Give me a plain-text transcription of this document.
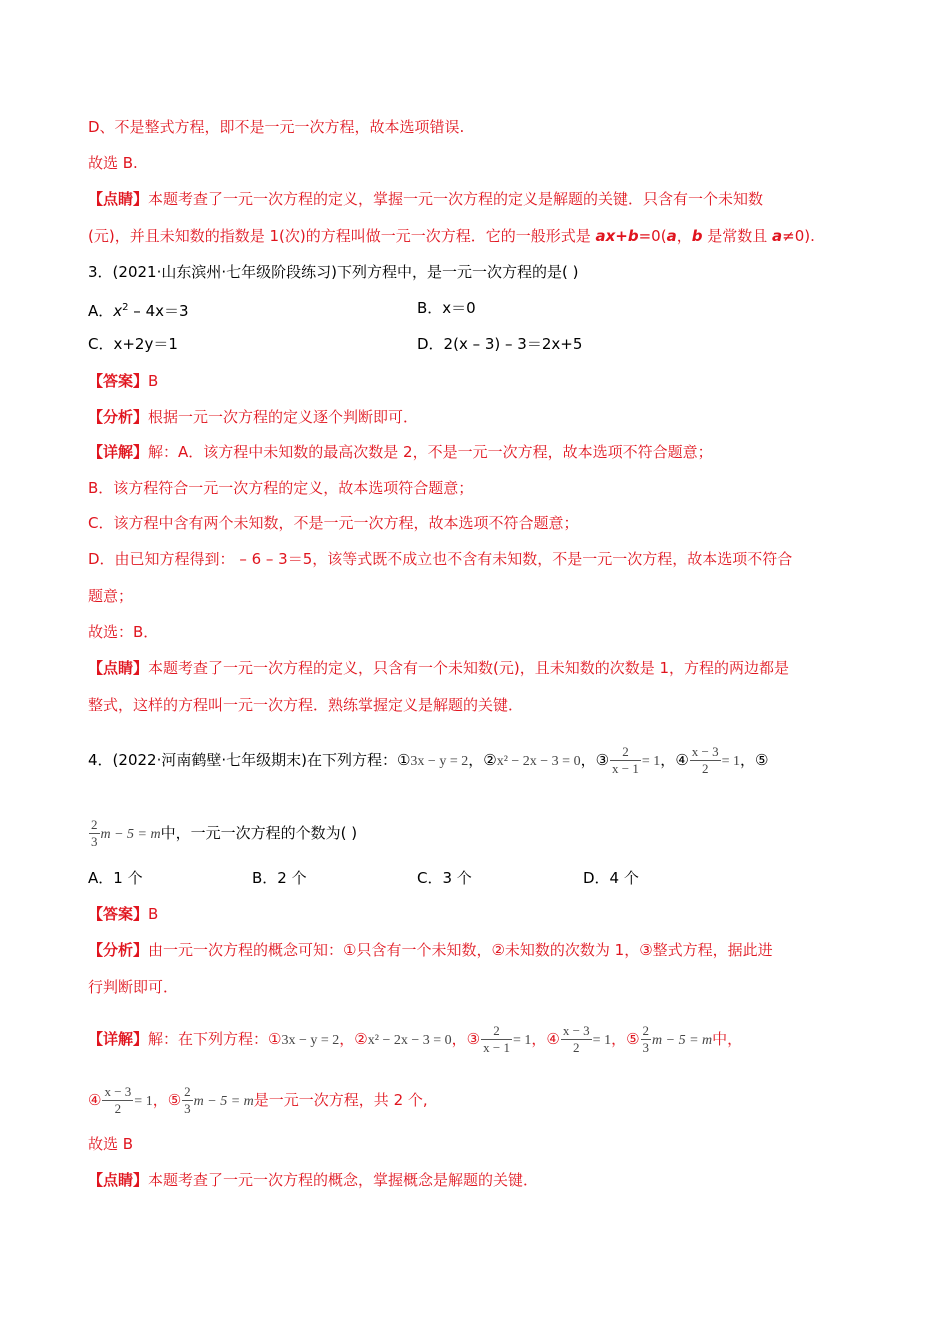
D、不是整式方程，即不是一元一次方程，故本选项错误.
故选 B.
【点睛】本题考查了一元一次方程的定义，掌握一元一次方程的定义是解题的关键．只含有一个未知数
(元)，并且未知数的指数是 1(次)的方程叫做一元一次方程．它的一般形式是 ax+b=0(a，b 是常数且 a≠0).
3．(2021·山东滨州·七年级阶段练习)下列方程中，是一元一次方程的是( )
A．$x^2 - 4x=3$	B．x＝0
C．x+2y＝1	D．2(x – 3) – 3＝2x+5
【答案】B
【分析】根据一元一次方程的定义逐个判断即可．
【详解】解：A．该方程中未知数的最高次数是 2，不是一元一次方程，故本选项不符合题意；
B．该方程符合一元一次方程的定义，故本选项符合题意；
C．该方程中含有两个未知数，不是一元一次方程，故本选项不符合题意；
D．由已知方程得到： – 6 – 3＝5，该等式既不成立也不含有未知数，不是一元一次方程，故本选项不符合
题意；
故选：B．
【点睛】本题考查了一元一次方程的定义，只含有一个未知数(元)，且未知数的次数是 1，方程的两边都是
整式，这样的方程叫一元一次方程．熟练掌握定义是解题的关键．
4．(2022·河南鹤壁·七年级期末)在下列方程：①3x − y = 2，②x² − 2x − 3 = 0，③ $\frac{2}{x - 1} = 1$，④ $\frac{x - 3}{2} = 1$，⑤
$\frac{2}{3}$ m − 5 = m中，一元一次方程的个数为( )
A．1 个	B．2 个	C．3 个	D．4 个
【答案】B
【分析】由一元一次方程的概念可知：①只含有一个未知数，②未知数的次数为 1，③整式方程，据此进
行判断即可．
【详解】解：在下列方程：①3x − y = 2，②x² − 2x − 3 = 0，③ $\frac{2}{x - 1} = 1$，④ $\frac{x - 3}{2} = 1$，⑤ $\frac{2}{3}$ m − 5 = m中，
④ $\frac{x - 3}{2} = 1$，⑤ $\frac{2}{3}$ m − 5 = m是一元一次方程，共 2 个,
故选 B
【点睛】本题考查了一元一次方程的概念，掌握概念是解题的关键．
